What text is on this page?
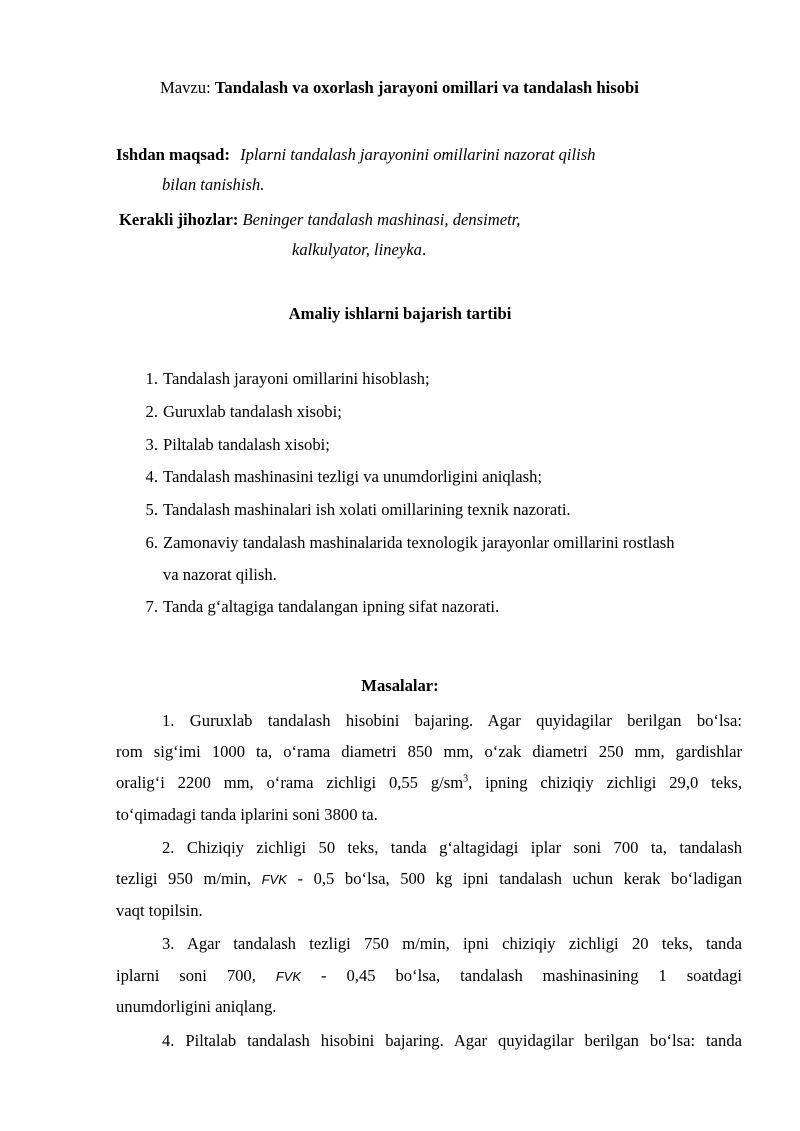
Mavzu: Tandalash va oxorlash jarayoni omillari va tandalash hisobi
Ishdan maqsad: Iplarni tandalash jarayonini omillarini nazorat qilish
bilan tanishish.
Kerakli jihozlar: Beninger tandalash mashinasi, densimetr,
kalkulyator, lineyka.
Amaliy ishlarni bajarish tartibi
1. Tandalash jarayoni omillarini hisoblash;
2. Guruxlab tandalash xisobi;
3. Piltalab tandalash xisobi;
4. Tandalash mashinasini tezligi va unumdorligini aniqlash;
5. Tandalash mashinalari ish xolati omillarining texnik nazorati.
6. Zamonaviy tandalash mashinalarida texnologik jarayonlar omillarini rostlash
va nazorat qilish.
7. Tanda g‘altagiga tandalangan ipning sifat nazorati.
Masalalar:
1. Guruxlab tandalash hisobini bajaring. Agar quyidagilar berilgan bo‘lsa:
rom sig‘imi 1000 ta, o‘rama diametri 850 mm, o‘zak diametri 250 mm, gardishlar
oralig‘i 2200 mm, o‘rama zichligi 0,55 $g/sm^3$, ipning chiziqiy zichligi 29,0 teks,
to‘qimadagi tanda iplarini soni 3800 ta.
2. Chiziqiy zichligi 50 teks, tanda g‘altagidagi iplar soni 700 ta, tandalash
tezligi 950 m/min, FVK - 0,5 bo‘lsa, 500 kg ipni tandalash uchun kerak bo‘ladigan
vaqt topilsin.
3. Agar tandalash tezligi 750 m/min, ipni chiziqiy zichligi 20 teks, tanda
iplarni soni 700, FVK - 0,45 bo‘lsa, tandalash mashinasining 1 soatdagi
unumdorligini aniqlang.
4. Piltalab tandalash hisobini bajaring. Agar quyidagilar berilgan bo‘lsa: tanda
